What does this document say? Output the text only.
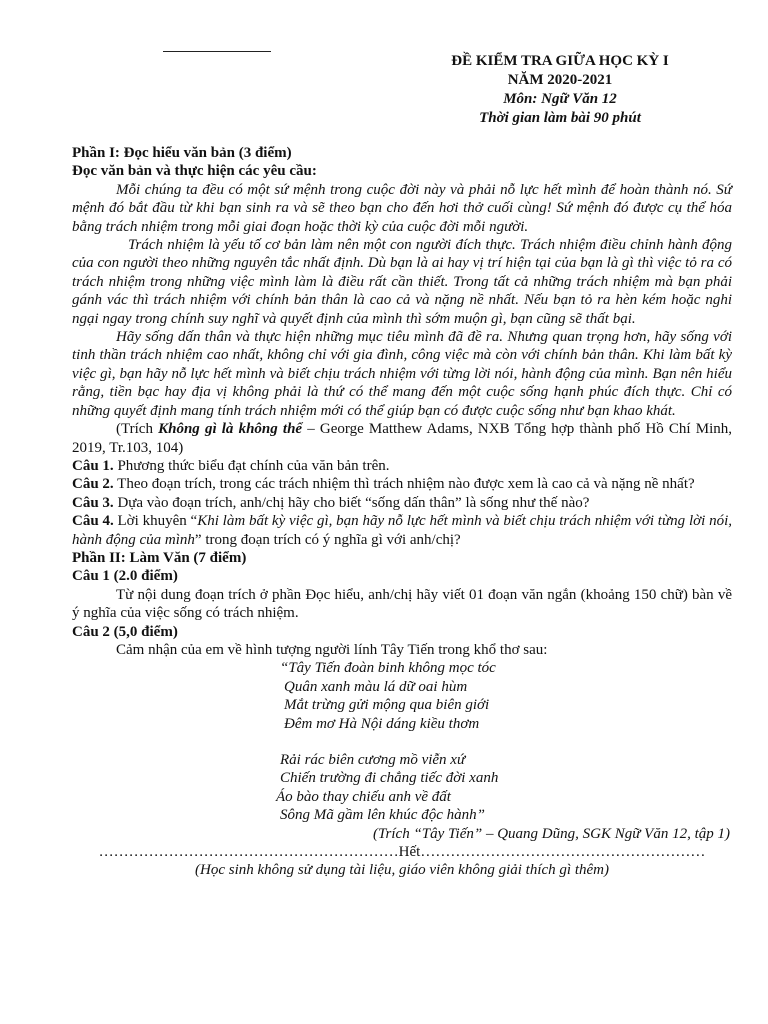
ĐỀ KIỂM TRA GIỮA HỌC KỲ I
NĂM 2020-2021
Môn: Ngữ Văn 12
Thời gian làm bài 90 phút

Phần I: Đọc hiểu văn bản (3 điểm)

Đọc văn bản và thực hiện các yêu cầu:

Mỗi chúng ta đều có một sứ mệnh trong cuộc đời này và phải nỗ lực hết mình để hoàn thành nó. Sứ mệnh đó bắt đầu từ khi bạn sinh ra và sẽ theo bạn cho đến hơi thở cuối cùng! Sứ mệnh đó được cụ thể hóa bằng trách nhiệm trong mỗi giai đoạn hoặc thời kỳ của cuộc đời mỗi người.

Trách nhiệm là yếu tố cơ bản làm nên một con người đích thực. Trách nhiệm điều chỉnh hành động của con người theo những nguyên tắc nhất định. Dù bạn là ai hay vị trí hiện tại của bạn là gì thì việc tỏ ra có trách nhiệm trong những việc mình làm là điều rất cần thiết. Trong tất cả những trách nhiệm mà bạn phải gánh vác thì trách nhiệm với chính bản thân là cao cả và nặng nề nhất. Nếu bạn tỏ ra hèn kém hoặc nghi ngại ngay trong chính suy nghĩ và quyết định của mình thì sớm muộn gì, bạn cũng sẽ thất bại.

Hãy sống dấn thân và thực hiện những mục tiêu mình đã đề ra. Nhưng quan trọng hơn, hãy sống với tinh thần trách nhiệm cao nhất, không chỉ với gia đình, công việc mà còn với chính bản thân. Khi làm bất kỳ việc gì, bạn hãy nỗ lực hết mình và biết chịu trách nhiệm với từng lời nói, hành động của mình. Bạn nên hiểu rằng, tiền bạc hay địa vị không phải là thứ có thể mang đến một cuộc sống hạnh phúc đích thực. Chỉ có những quyết định mang tính trách nhiệm mới có thể giúp bạn có được cuộc sống như bạn khao khát.

(Trích Không gì là không thể – George Matthew Adams, NXB Tổng hợp thành phố Hồ Chí Minh, 2019, Tr.103, 104)

Câu 1. Phương thức biểu đạt chính của văn bản trên.

Câu 2. Theo đoạn trích, trong các trách nhiệm thì trách nhiệm nào được xem là cao cả và nặng nề nhất?

Câu 3. Dựa vào đoạn trích, anh/chị hãy cho biết “sống dấn thân” là sống như thế nào?

Câu 4. Lời khuyên “Khi làm bất kỳ việc gì, bạn hãy nỗ lực hết mình và biết chịu trách nhiệm với từng lời nói, hành động của mình” trong đoạn trích có ý nghĩa gì với anh/chị?

Phần II: Làm Văn (7 điểm)

Câu 1 (2.0 điểm)

Từ nội dung đoạn trích ở phần Đọc hiểu, anh/chị hãy viết 01 đoạn văn ngắn (khoảng 150 chữ) bàn về ý nghĩa của việc sống có trách nhiệm.

Câu 2 (5,0 điểm)

Cảm nhận của em về hình tượng người lính Tây Tiến trong khổ thơ sau:

“Tây Tiến đoàn binh không mọc tóc
Quân xanh màu lá dữ oai hùm
Mắt trừng gửi mộng qua biên giới
Đêm mơ Hà Nội dáng kiều thơm
Rải rác biên cương mồ viễn xứ
Chiến trường đi chẳng tiếc đời xanh
Áo bào thay chiếu anh về đất
Sông Mã gầm lên khúc độc hành”

(Trích “Tây Tiến” – Quang Dũng, SGK Ngữ Văn 12, tập 1)

……………………………………………………Hết…………………………………………………

(Học sinh không sử dụng tài liệu, giáo viên không giải thích gì thêm)
